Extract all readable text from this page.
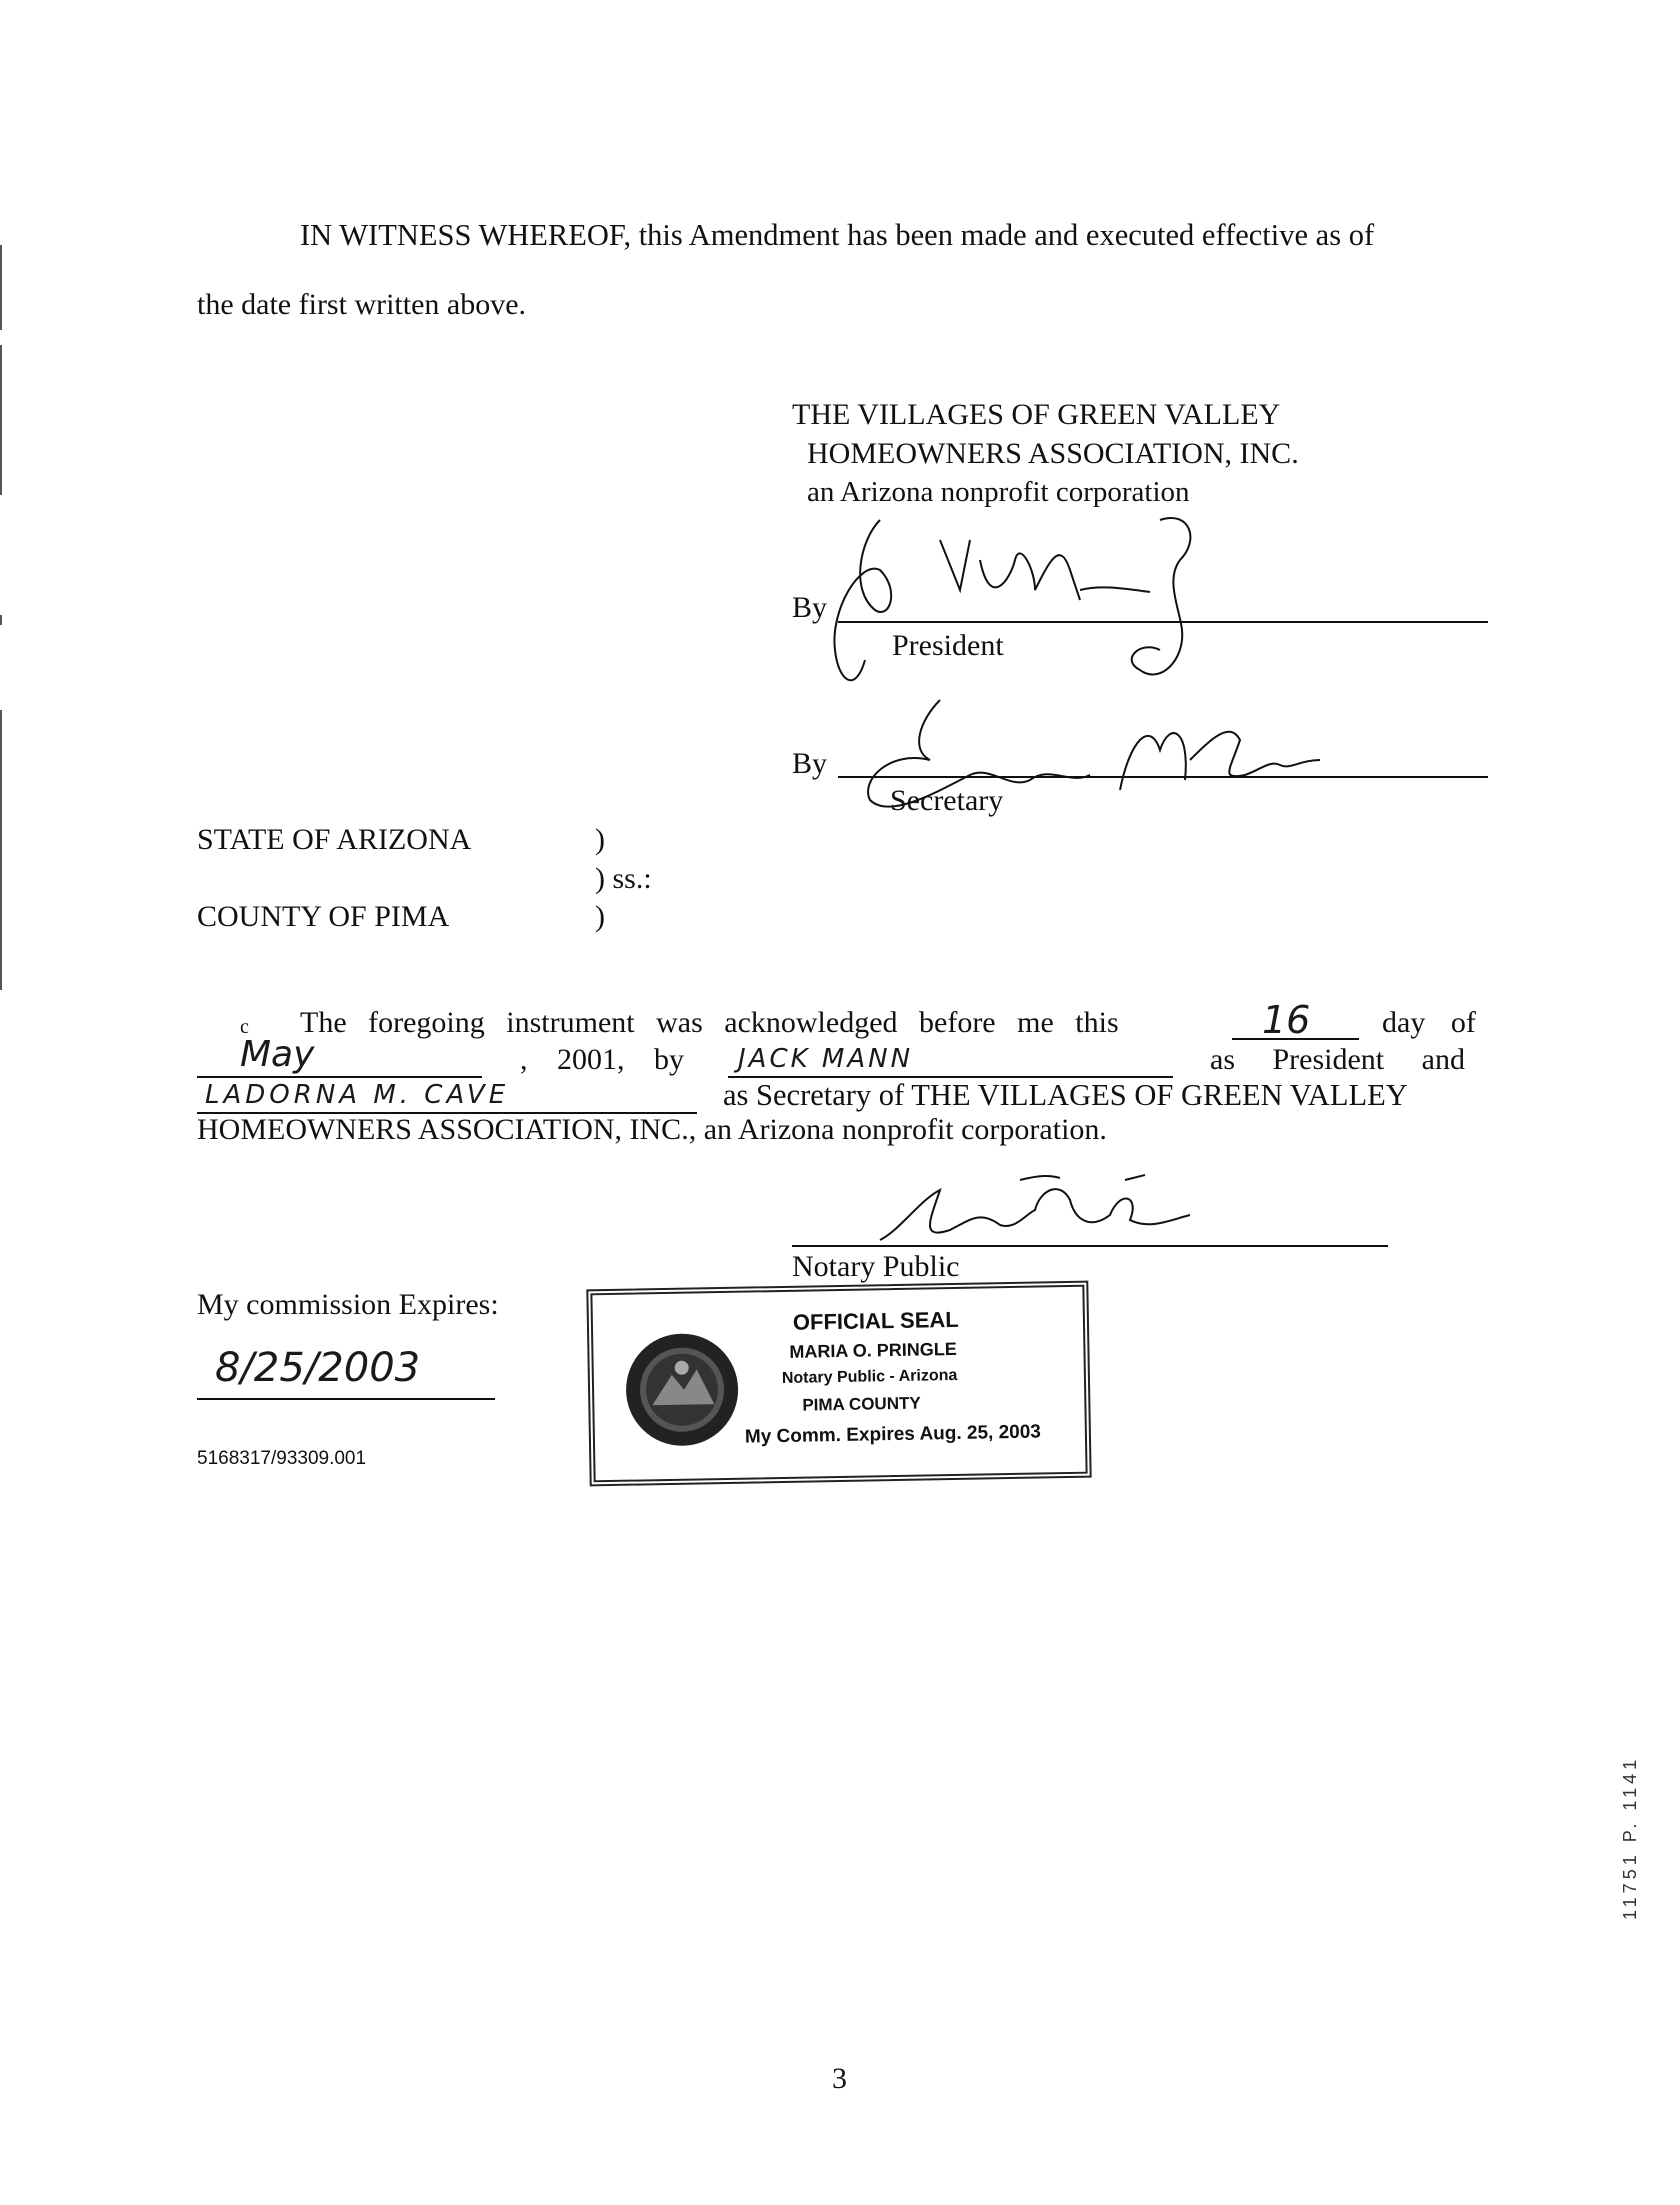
IN WITNESS WHEREOF, this Amendment has been made and executed effective as of
the date first written above.
THE VILLAGES OF GREEN VALLEY
HOMEOWNERS ASSOCIATION, INC.
an Arizona nonprofit corporation
By
President
By
Secretary
STATE OF ARIZONA	)
) ss.:
COUNTY OF PIMA	)
c The foregoing instrument was acknowledged before me this	16 day of
May	, 2001, by JACK MANN	as President and
LADORNA M. CAVE	as Secretary of THE VILLAGES OF GREEN VALLEY
HOMEOWNERS ASSOCIATION, INC., an Arizona nonprofit corporation.
Notary Public
My commission Expires:
8/25/2003
OFFICIAL SEAL
MARIA O. PRINGLE
Notary Public - Arizona
PIMA COUNTY
My Comm. Expires Aug. 25, 2003
5168317/93309.001
3
11751 P. 1141
